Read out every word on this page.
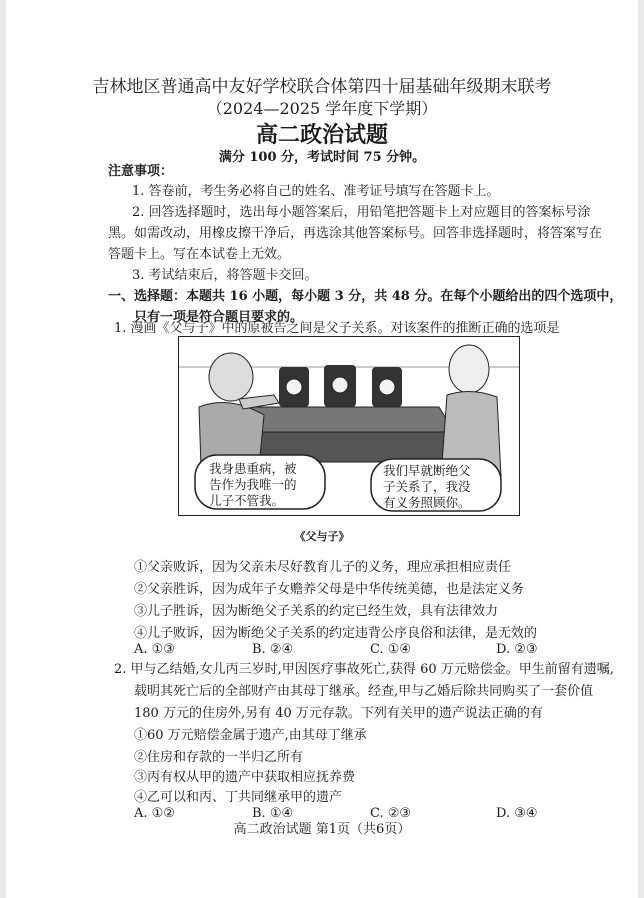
吉林地区普通高中友好学校联合体第四十届基础年级期末联考
（2024—2025 学年度下学期）
高二政治试题
满分 100 分，考试时间 75 分钟。
注意事项：
1. 答卷前，考生务必将自己的姓名、准考证号填写在答题卡上。
2. 回答选择题时，选出每小题答案后，用铅笔把答题卡上对应题目的答案标号涂
黑。如需改动，用橡皮擦干净后，再选涂其他答案标号。回答非选择题时，将答案写在
答题卡上。写在本试卷上无效。
3. 考试结束后，将答题卡交回。
一、选择题：本题共 16 小题，每小题 3 分，共 48 分。在每个小题给出的四个选项中，
只有一项是符合题目要求的。
1. 漫画《父与子》中的原被告之间是父子关系。对该案件的推断正确的选项是
我身患重病，被
告作为我唯一的
儿子不管我。
我们早就断绝父
子关系了，我没
有义务照顾你。
《父与子》
①父亲败诉，因为父亲未尽好教育儿子的义务，理应承担相应责任
②父亲胜诉，因为成年子女赡养父母是中华传统美德，也是法定义务
③儿子胜诉，因为断绝父子关系的约定已经生效，具有法律效力
④儿子败诉，因为断绝父子关系的约定违背公序良俗和法律，是无效的
A. ①③	B. ②④	C. ①④	D. ②③
2. 甲与乙结婚,女儿丙三岁时,甲因医疗事故死亡,获得 60 万元赔偿金。甲生前留有遗嘱,
载明其死亡后的全部财产由其母丁继承。经查,甲与乙婚后除共同购买了一套价值
180 万元的住房外,另有 40 万元存款。下列有关甲的遗产说法正确的有
①60 万元赔偿金属于遗产,由其母丁继承
②住房和存款的一半归乙所有
③丙有权从甲的遗产中获取相应抚养费
④乙可以和丙、丁共同继承甲的遗产
A. ①②	B. ①④	C. ②③	D. ③④
高二政治试题 第1页（共6页）
